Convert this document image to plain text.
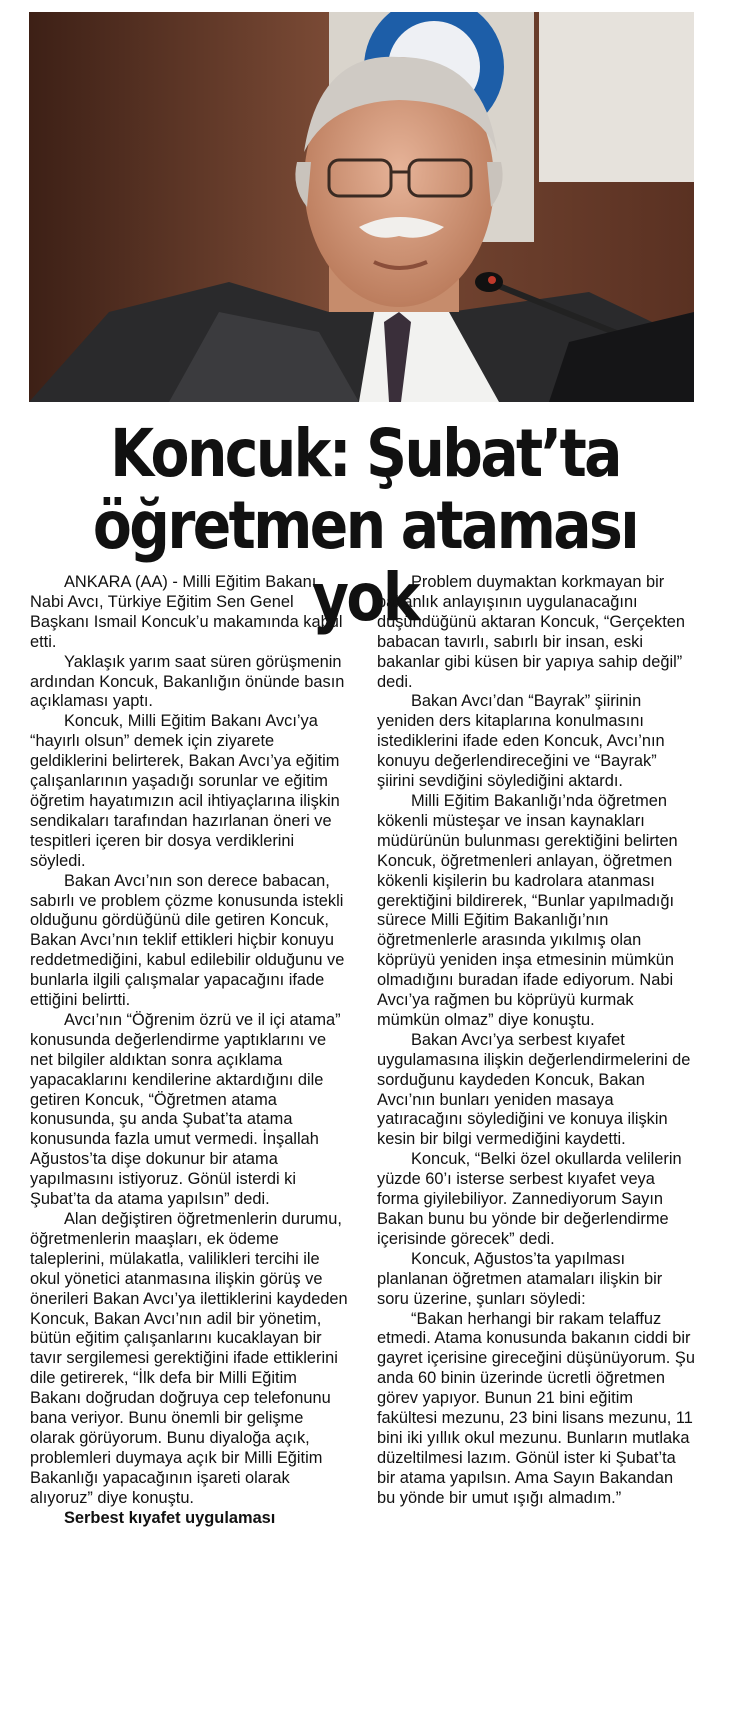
Koncuk: Şubat’ta
öğretmen ataması yok

ANKARA (AA) - Milli Eğitim Bakanı Nabi Avcı, Türkiye Eğitim Sen Genel Başkanı Ismail Koncuk’u makamında kabul etti.

Yaklaşık yarım saat süren görüşmenin ardından Koncuk, Bakanlığın önünde basın açıklaması yaptı.

Koncuk, Milli Eğitim Bakanı Avcı’ya “hayırlı olsun” demek için ziyarete geldiklerini belirterek, Bakan Avcı’ya eğitim çalışanlarının yaşadığı sorunlar ve eğitim öğretim hayatımızın acil ihtiyaçlarına ilişkin sendikaları tarafından hazırlanan öneri ve tespitleri içeren bir dosya verdiklerini söyledi.

Bakan Avcı’nın son derece babacan, sabırlı ve problem çözme konusunda istekli olduğunu gördüğünü dile getiren Koncuk, Bakan Avcı’nın teklif ettikleri hiçbir konuyu reddetmediğini, kabul edilebilir olduğunu ve bunlarla ilgili çalışmalar yapacağını ifade ettiğini belirtti.

Avcı’nın “Öğrenim özrü ve il içi atama” konusunda değerlendirme yaptıklarını ve net bilgiler aldıktan sonra açıklama yapacaklarını kendilerine aktardığını dile getiren Koncuk, “Öğretmen atama konusunda, şu anda Şubat’ta atama konusunda fazla umut vermedi. İnşallah Ağustos’ta dişe dokunur bir atama yapılmasını istiyoruz. Gönül isterdi ki Şubat’ta da atama yapılsın” dedi.

Alan değiştiren öğretmenlerin durumu, öğretmenlerin maaşları, ek ödeme taleplerini, mülakatla, valilikleri tercihi ile okul yönetici atanmasına ilişkin görüş ve önerileri Bakan Avcı’ya ilettiklerini kaydeden Koncuk, Bakan Avcı’nın adil bir yönetim, bütün eğitim çalışanlarını kucaklayan bir tavır sergilemesi gerektiğini ifade ettiklerini dile getirerek, “İlk defa bir Milli Eğitim Bakanı doğrudan doğruya cep telefonunu bana veriyor. Bunu önemli bir gelişme olarak görüyorum. Bunu diyaloğa açık, problemleri duymaya açık bir Milli Eğitim Bakanlığı yapacağının işareti olarak alıyoruz” diye konuştu.

Serbest kıyafet uygulaması

Problem duymaktan korkmayan bir bakanlık anlayışının uygulanacağını düşündüğünü aktaran Koncuk, “Gerçekten babacan tavırlı, sabırlı bir insan, eski bakanlar gibi küsen bir yapıya sahip değil” dedi.

Bakan Avcı’dan “Bayrak” şiirinin yeniden ders kitaplarına konulmasını istediklerini ifade eden Koncuk, Avcı’nın konuyu değerlendireceğini ve “Bayrak” şiirini sevdiğini söylediğini aktardı.

Milli Eğitim Bakanlığı’nda öğretmen kökenli müsteşar ve insan kaynakları müdürünün bulunması gerektiğini belirten Koncuk, öğretmenleri anlayan, öğretmen kökenli kişilerin bu kadrolara atanması gerektiğini bildirerek, “Bunlar yapılmadığı sürece Milli Eğitim Bakanlığı’nın öğretmenlerle arasında yıkılmış olan köprüyü yeniden inşa etmesinin mümkün olmadığını buradan ifade ediyorum. Nabi Avcı’ya rağmen bu köprüyü kurmak mümkün olmaz” diye konuştu.

Bakan Avcı’ya serbest kıyafet uygulamasına ilişkin değerlendirmelerini de sorduğunu kaydeden Koncuk, Bakan Avcı’nın bunları yeniden masaya yatıracağını söylediğini ve konuya ilişkin kesin bir bilgi vermediğini kaydetti.

Koncuk, “Belki özel okullarda velilerin yüzde 60’ı isterse serbest kıyafet veya forma giyilebiliyor. Zannediyorum Sayın Bakan bunu bu yönde bir değerlendirme içerisinde görecek” dedi.

Koncuk, Ağustos’ta yapılması planlanan öğretmen atamaları ilişkin bir soru üzerine, şunları söyledi:

“Bakan herhangi bir rakam telaffuz etmedi. Atama konusunda bakanın ciddi bir gayret içerisine gireceğini düşünüyorum. Şu anda 60 binin üzerinde ücretli öğretmen görev yapıyor. Bunun 21 bini eğitim fakültesi mezunu, 23 bini lisans mezunu, 11 bini iki yıllık okul mezunu. Bunların mutlaka düzeltilmesi lazım. Gönül ister ki Şubat’ta bir atama yapılsın. Ama Sayın Bakandan bu yönde bir umut ışığı almadım.”
